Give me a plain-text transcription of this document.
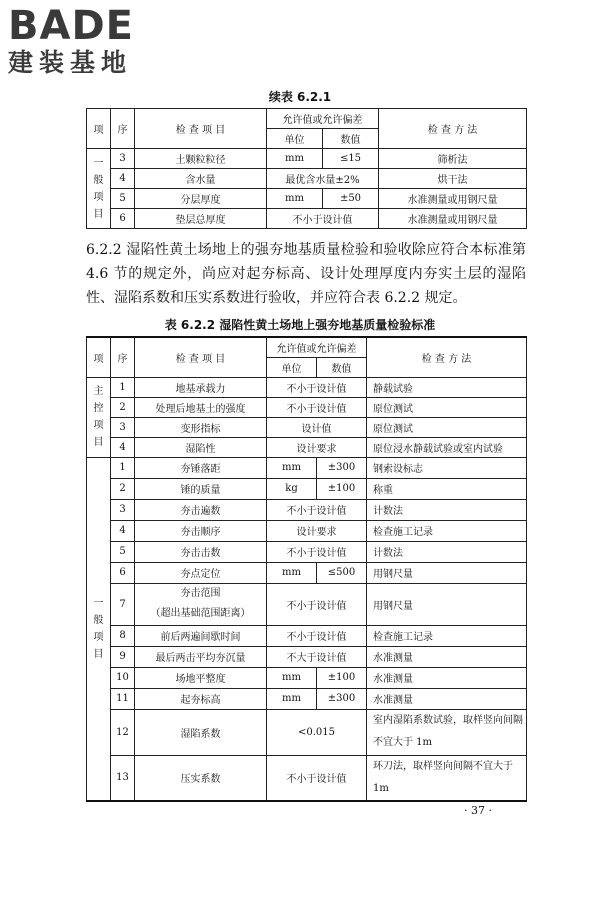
BADE
建装基地
续表 6.2.1
项	序	检 查 项 目	允许值或允许偏差		检 查 方 法
			单位	数值	

一般项目	3	土颗粒粒径	mm	≤15	筛析法
	4	含水量	最优含水量±2%		烘干法
	5	分层厚度	mm	±50	水准测量或用钢尺量
	6	垫层总厚度	不小于设计值		水准测量或用钢尺量
6.2.2 湿陷性黄土场地上的强夯地基质量检验和验收除应符合本标准第 4.6 节的规定外，尚应对起夯标高、设计处理厚度内夯实土层的湿陷性、湿陷系数和压实系数进行验收，并应符合表 6.2.2 规定。
表 6.2.2 湿陷性黄土场地上强夯地基质量检验标准
项	序	检 查 项 目	允许值或允许偏差		检 查 方 法
			单位	数值	

主控项目	1	地基承载力	不小于设计值		静载试验
	2	处理后地基土的强度	不小于设计值		原位测试
	3	变形指标	设计值		原位测试
	4	湿陷性	设计要求		原位浸水静载试验或室内试验

一般项目	1	夯锤落距	mm	±300	钢索设标志
	2	锤的质量	kg	±100	称重
	3	夯击遍数	不小于设计值		计数法
	4	夯击顺序	设计要求		检查施工记录
	5	夯击击数	不小于设计值		计数法
	6	夯点定位	mm	≤500	用钢尺量
	7	夯击范围
（超出基础范围距离）	不小于设计值		用钢尺量
	8	前后两遍间歇时间	不小于设计值		检查施工记录
	9	最后两击平均夯沉量	不大于设计值		水准测量
	10	场地平整度	mm	±100	水准测量
	11	起夯标高	mm	±300	水准测量
	12	湿陷系数	<0.015		室内湿陷系数试验，取样竖向间隔不宜大于 1m
	13	压实系数	不小于设计值		环刀法，取样竖向间隔不宜大于 1m
· 37 ·
